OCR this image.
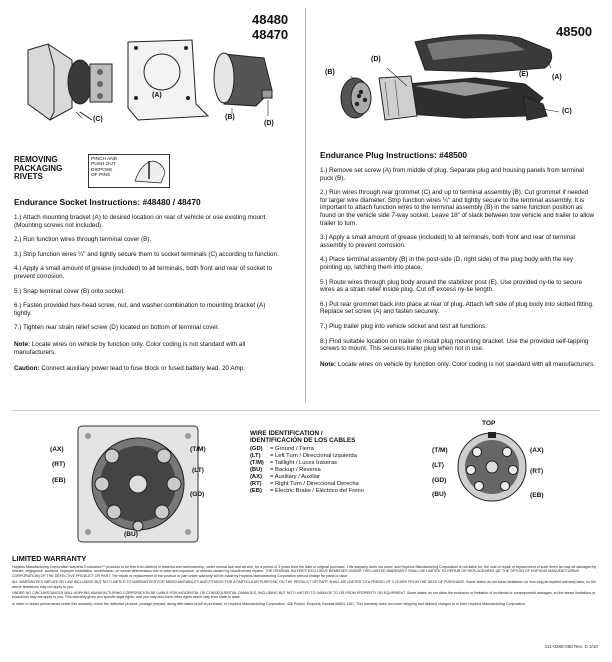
48480
48470
(A)
(B)
(C)
(D)
REMOVING
PACKAGING
RIVETS
PINCH AND
PUSH OUT
DISPOSE
OF PINS
Endurance Socket Instructions: #48480 / 48470

1.) Attach mounting bracket (A) to desired location on rear of vehicle or use existing mount. (Mounting screws not included).

2.) Run function wires through terminal cover (B).

3.) Strip function wires ¼" and tightly secure them to socket terminals (C) according to function.

4.) Apply a small amount of grease (included) to all terminals, both front and rear of socket to prevent corrosion.

5.) Snap terminal cover (B) onto socket.

6.) Fasten provided hex-head screw, nut, and washer combination to mounting bracket (A) tightly.

7.) Tighten rear strain relief screw (D) located on bottom of terminal cover.

Note: Locate wires on vehicle by function only. Color coding is not standard with all manufacturers.

Caution: Connect auxiliary power lead to fuse block or fused battery lead. 20 Amp.

48500
(B)
(D)
(E)	(A)
(C)
Endurance Plug Instructions: #48500

1.) Remove set screw (A) from middle of plug. Separate plug and housing panels from terminal puck (B).

2.) Run wires through rear grommet (C) and up to terminal assembly (B). Cut grommet if needed for larger wire diameter. Strip function wires ¼" and tightly secure to the terminal assembly. It is important to attach function wires to the terminal assembly (B) in the same function position as found on the vehicle side 7-way socket. Leave 18" of slack between tow vehicle and trailer to allow trailer to turn.

3.) Apply a small amount of grease (included) to all terminals, both front and rear of terminal assembly to prevent corrosion.

4.) Place terminal assembly (B) in the post-side (D, right side) of the plug body with the key pointing up, latching them into place.

5.) Route wires through plug body around the stabilizer post (E). Use provided ny-tie to secure wires as a strain relief inside plug. Cut off excess ny-tie length.

6.) Put rear grommet back into place at rear of plug. Attach left side of plug body into slotted fitting. Replace set screw (A) and fasten securely.

7.) Plug trailer plug into vehicle socket and test all functions.

8.) Find suitable location on trailer to install plug mounting bracket. Use the provided self-tapping screws to mount. This secures trailer plug when not in use.

Note: Locate wires on vehicle by function only. Color coding is not standard with all manufacturers.

(AX)
(RT)
(EB)
(T/M)
(LT)
(GD)
(BU)
WIRE IDENTIFICATION /
IDENTIFICACIÓN DE LOS CABLES
(GD) = Ground / Tierra
(LT) = Left Turn / Direccional Izquierda
(T/M) = Taillight / Luces traseras
(BU) = Backup / Reversa
(AX) = Auxiliary / Auxiliar
(RT) = Right Turn / Direccional Derecha
(EB) = Electric Brake / Eléctrico del Freno
TOP
(T/M)
(LT)
(GD)
(BU)
(AX)
(RT)
(EB)
LIMITED WARRANTY

Hopkins Manufacturing Corporation warrants Endurance™ products to be free from defects in material and workmanship, under normal use and service, for a period of 3 years from the date of original purchase. This warranty does not cover, and Hopkins Manufacturing Corporation is not liable for, the cost of repair or replacement of such items as may be damaged by misuse, negligence, accident, improper installation, modification, or normal deterioration due to wear and exposure, or defects caused by unauthorized repairs. THE ORIGINAL BUYER'S EXCLUSIVE REMEDIES UNDER THIS LIMITED WARRANTY SHALL BE LIMITED TO REPAIR OR REPLACEMENT (AT THE OPTION OF HOPKINS MANUFACTURING CORPORATION) OF THE DEFECTIVE PRODUCT OR PART. The repair or replacement of the product or part under warranty will be made by Hopkins Manufacturing Corporation without charge for parts or labor.

ALL WARRANTIES IMPLIED BY LAW INCLUDING BUT NOT LIMITED TO WARRANTIES FOR MERCHANTABILITY AND FITNESS FOR A PARTICULAR PURPOSE, ON THE PRODUCT OR PART SHALL BE LIMITED TO A PERIOD OF 3 YEARS FROM THE DATE OF PURCHASE. Some states do not allow limitations on how long an implied warranty lasts, so the above limitations may not apply to you.

UNDER NO CIRCUMSTANCES WILL HOPKINS MANUFACTURING CORPORATION BE LIABLE FOR INCIDENTAL OR CONSEQUENTIAL DAMAGES, INCLUDING BUT NOT LIMITED TO DAMAGE TO OR FROM PROPERTY OR EQUIPMENT. Some states do not allow the exclusion or limitation of incidental or consequential damages, so the above limitations or exclusions may not apply to you. This warranty gives you specific legal rights, and you may also have other rights which vary from state to state.

In order to obtain performance under this warranty, return the defective product, postage prepaid, along with dated proof of purchase, to Hopkins Manufacturing Corporation, 428 Peyton, Emporia, Kansas 66801-1157. This warranty does not cover shipping and delivery charges to or from Hopkins Manufacturing Corporation.

311-0288-068 Rev. D 3/10
